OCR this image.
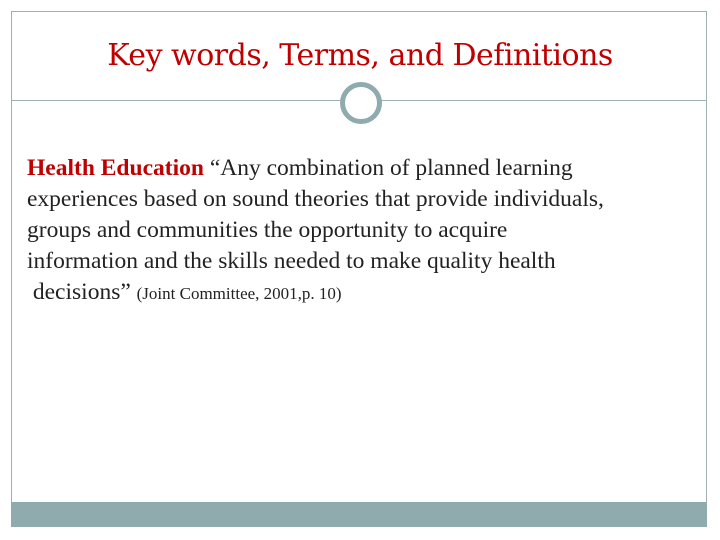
Key words, Terms, and Definitions
Health Education “Any combination of planned learning
experiences based on sound theories that provide individuals,
groups and communities the opportunity to acquire
information and the skills needed to make quality health
decisions” (Joint Committee, 2001,p. 10)
